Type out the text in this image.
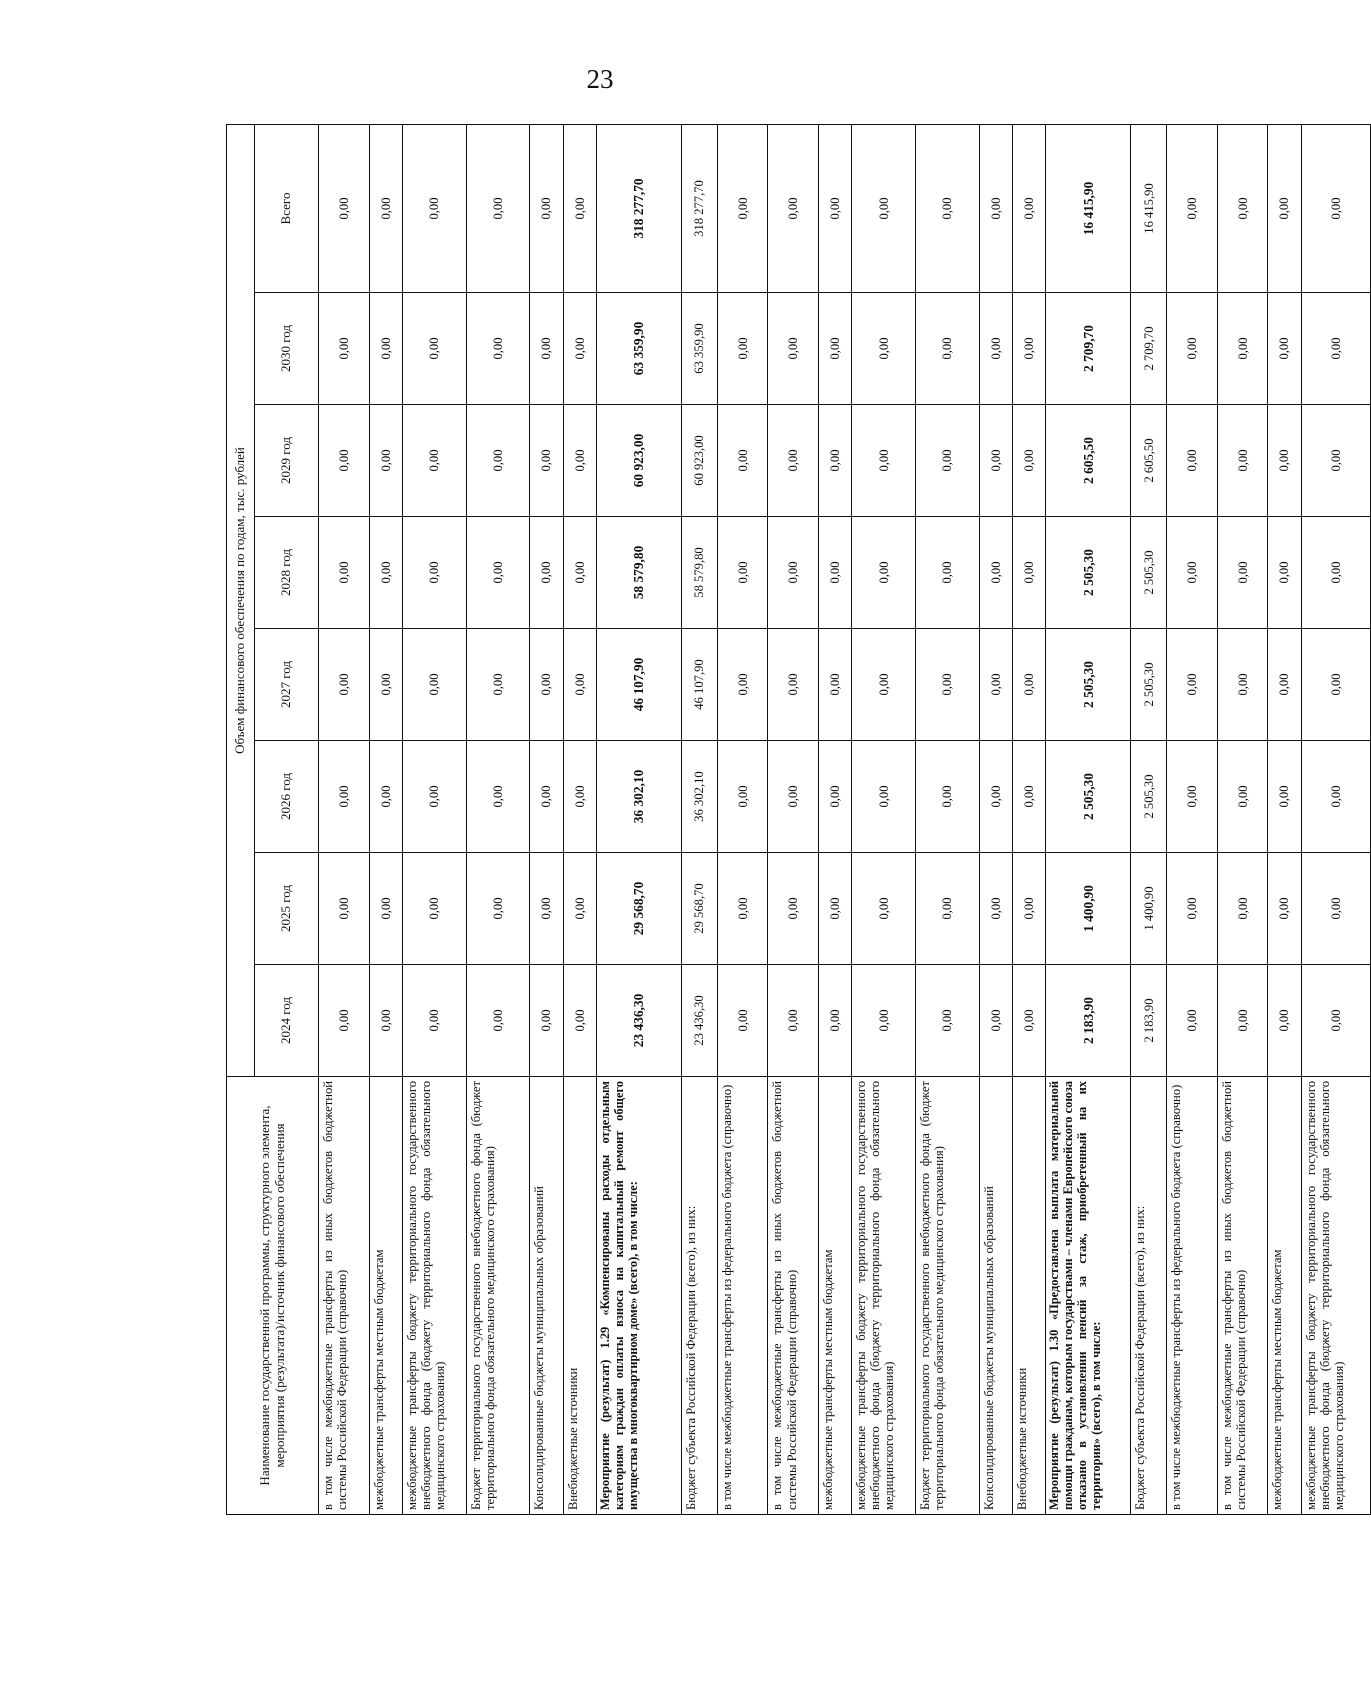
23
Наименование государственной программы, структурного элемента, мероприятия (результата)/источник финансового обеспечения	Объем финансового обеспечения по годам, тыс. рублей							
	2024 год	2025 год	2026 год	2027 год	2028 год	2029 год	2030 год	Всего
в том числе межбюджетные трансферты из иных бюджетов бюджетной системы Российской Федерации (справочно)	0,00	0,00	0,00	0,00	0,00	0,00	0,00	0,00
межбюджетные трансферты местным бюджетам	0,00	0,00	0,00	0,00	0,00	0,00	0,00	0,00
межбюджетные трансферты бюджету территориального государственного внебюджетного фонда (бюджету территориального фонда обязательного медицинского страхования)	0,00	0,00	0,00	0,00	0,00	0,00	0,00	0,00
Бюджет территориального государственного внебюджетного фонда (бюджет территориального фонда обязательного медицинского страхования)	0,00	0,00	0,00	0,00	0,00	0,00	0,00	0,00
Консолидированные бюджеты муниципальных образований	0,00	0,00	0,00	0,00	0,00	0,00	0,00	0,00
Внебюджетные источники	0,00	0,00	0,00	0,00	0,00	0,00	0,00	0,00
Мероприятие (результат) 1.29 «Компенсированы расходы отдельным категориям граждан оплаты взноса на капитальный ремонт общего имущества в многоквартирном доме» (всего), в том числе:	23 436,30	29 568,70	36 302,10	46 107,90	58 579,80	60 923,00	63 359,90	318 277,70
Бюджет субъекта Российской Федерации (всего), из них:	23 436,30	29 568,70	36 302,10	46 107,90	58 579,80	60 923,00	63 359,90	318 277,70
в том числе межбюджетные трансферты из федерального бюджета (справочно)	0,00	0,00	0,00	0,00	0,00	0,00	0,00	0,00
в том числе межбюджетные трансферты из иных бюджетов бюджетной системы Российской Федерации (справочно)	0,00	0,00	0,00	0,00	0,00	0,00	0,00	0,00
межбюджетные трансферты местным бюджетам	0,00	0,00	0,00	0,00	0,00	0,00	0,00	0,00
межбюджетные трансферты бюджету территориального государственного внебюджетного фонда (бюджету территориального фонда обязательного медицинского страхования)	0,00	0,00	0,00	0,00	0,00	0,00	0,00	0,00
Бюджет территориального государственного внебюджетного фонда (бюджет территориального фонда обязательного медицинского страхования)	0,00	0,00	0,00	0,00	0,00	0,00	0,00	0,00
Консолидированные бюджеты муниципальных образований	0,00	0,00	0,00	0,00	0,00	0,00	0,00	0,00
Внебюджетные источники	0,00	0,00	0,00	0,00	0,00	0,00	0,00	0,00
Мероприятие (результат) 1.30 «Предоставлена выплата материальной помощи гражданам, которым государствами – членами Европейского союза отказано в установлении пенсий за стаж, приобретенный на их территории» (всего), в том числе:	2 183,90	1 400,90	2 505,30	2 505,30	2 505,30	2 605,50	2 709,70	16 415,90
Бюджет субъекта Российской Федерации (всего), из них:	2 183,90	1 400,90	2 505,30	2 505,30	2 505,30	2 605,50	2 709,70	16 415,90
в том числе межбюджетные трансферты из федерального бюджета (справочно)	0,00	0,00	0,00	0,00	0,00	0,00	0,00	0,00
в том числе межбюджетные трансферты из иных бюджетов бюджетной системы Российской Федерации (справочно)	0,00	0,00	0,00	0,00	0,00	0,00	0,00	0,00
межбюджетные трансферты местным бюджетам	0,00	0,00	0,00	0,00	0,00	0,00	0,00	0,00
межбюджетные трансферты бюджету территориального государственного внебюджетного фонда (бюджету территориального фонда обязательного медицинского страхования)	0,00	0,00	0,00	0,00	0,00	0,00	0,00	0,00
